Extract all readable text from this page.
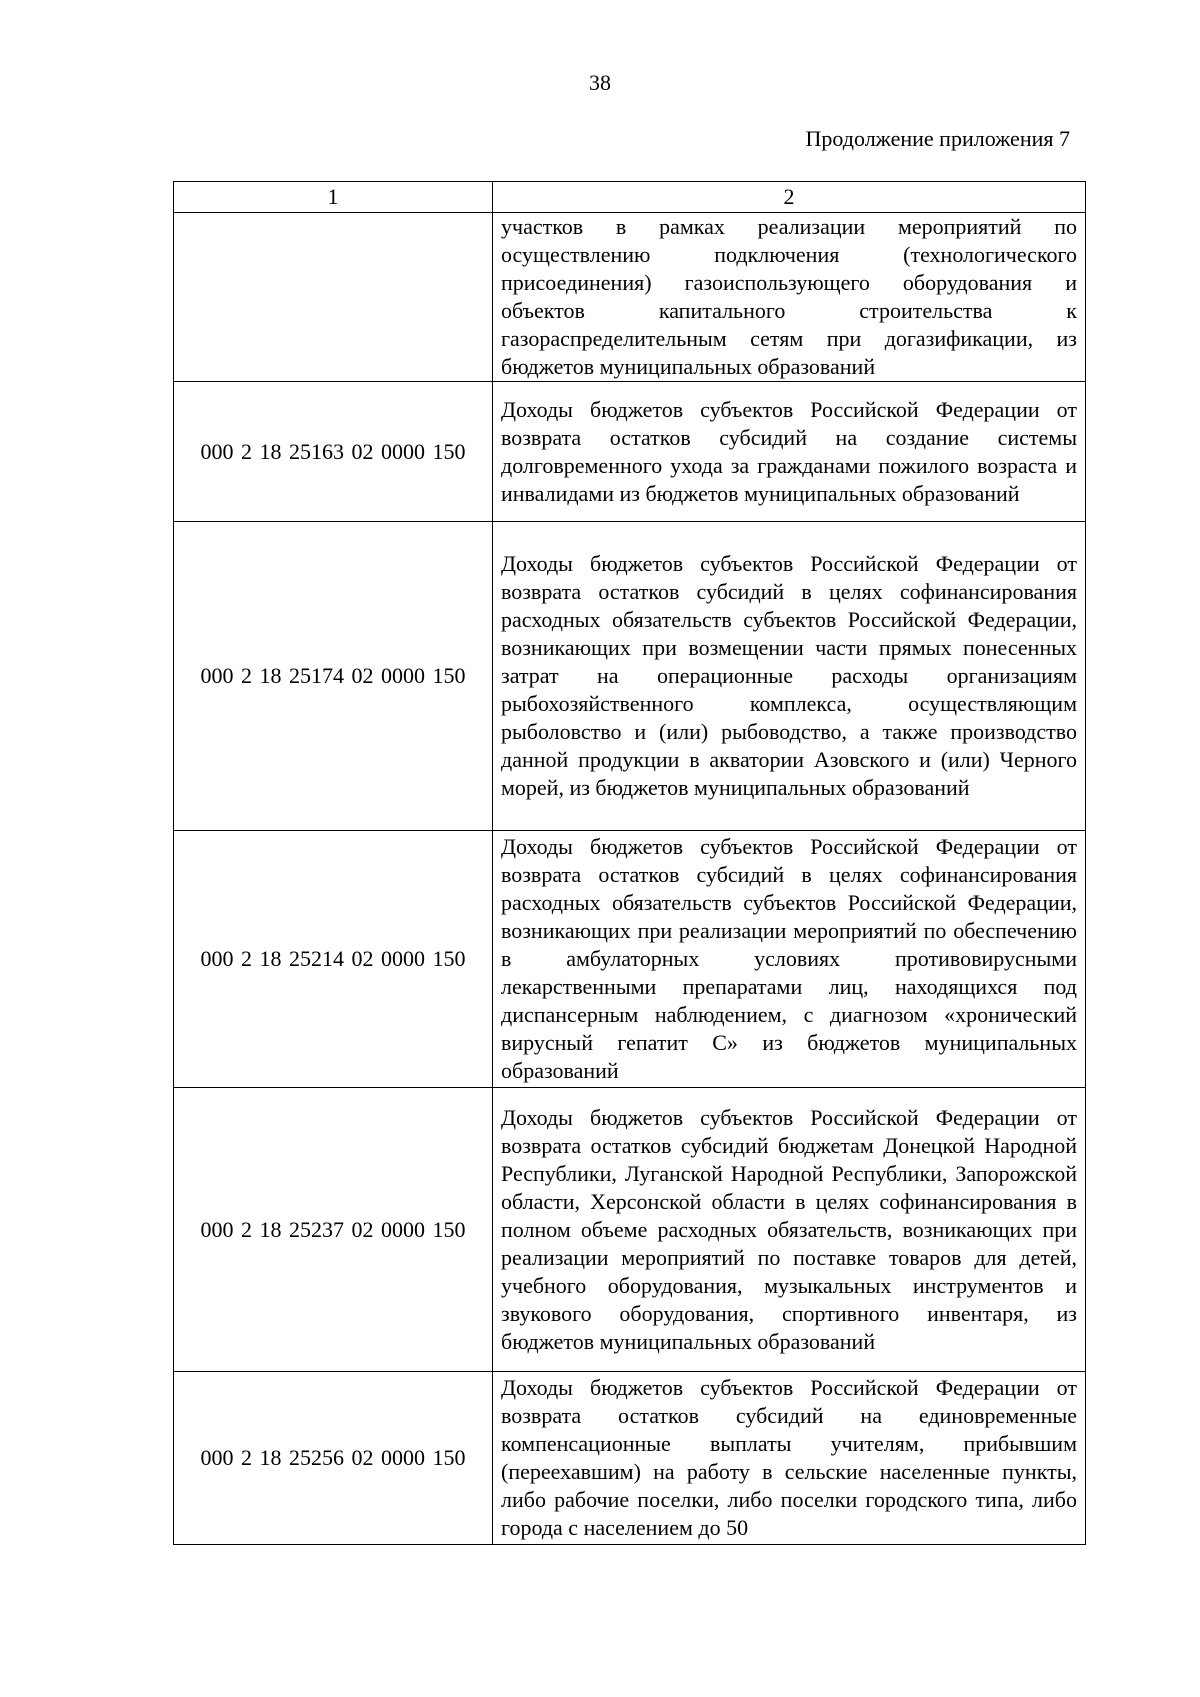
38
Продолжение приложения 7
1	2
	участков в рамках реализации мероприятий по осуществлению подключения (технологического присоединения) газоиспользующего оборудования и объектов капитального строительства к газораспределительным сетям при догазификации, из бюджетов муниципальных образований
000 2 18 25163 02 0000 150	Доходы бюджетов субъектов Российской Федерации от возврата остатков субсидий на создание системы долговременного ухода за гражданами пожилого возраста и инвалидами из бюджетов муниципальных образований
000 2 18 25174 02 0000 150	Доходы бюджетов субъектов Российской Федерации от возврата остатков субсидий в целях софинансирования расходных обязательств субъектов Российской Федерации, возникающих при возмещении части прямых понесенных затрат на операционные расходы организациям рыбохозяйственного комплекса, осуществляющим рыболовство и (или) рыбоводство, а также производство данной продукции в акватории Азовского и (или) Черного морей, из бюджетов муниципальных образований
000 2 18 25214 02 0000 150	Доходы бюджетов субъектов Российской Федерации от возврата остатков субсидий в целях софинансирования расходных обязательств субъектов Российской Федерации, возникающих при реализации мероприятий по обеспечению в амбулаторных условиях противовирусными лекарственными препаратами лиц, находящихся под диспансерным наблюдением, с диагнозом «хронический вирусный гепатит С» из бюджетов муниципальных образований
000 2 18 25237 02 0000 150	Доходы бюджетов субъектов Российской Федерации от возврата остатков субсидий бюджетам Донецкой Народной Республики, Луганской Народной Республики, Запорожской области, Херсонской области в целях софинансирования в полном объеме расходных обязательств, возникающих при реализации мероприятий по поставке товаров для детей, учебного оборудования, музыкальных инструментов и звукового оборудования, спортивного инвентаря, из бюджетов муниципальных образований
000 2 18 25256 02 0000 150	Доходы бюджетов субъектов Российской Федерации от возврата остатков субсидий на единовременные компенсационные выплаты учителям, прибывшим (переехавшим) на работу в сельские населенные пункты, либо рабочие поселки, либо поселки городского типа, либо города с населением до 50
